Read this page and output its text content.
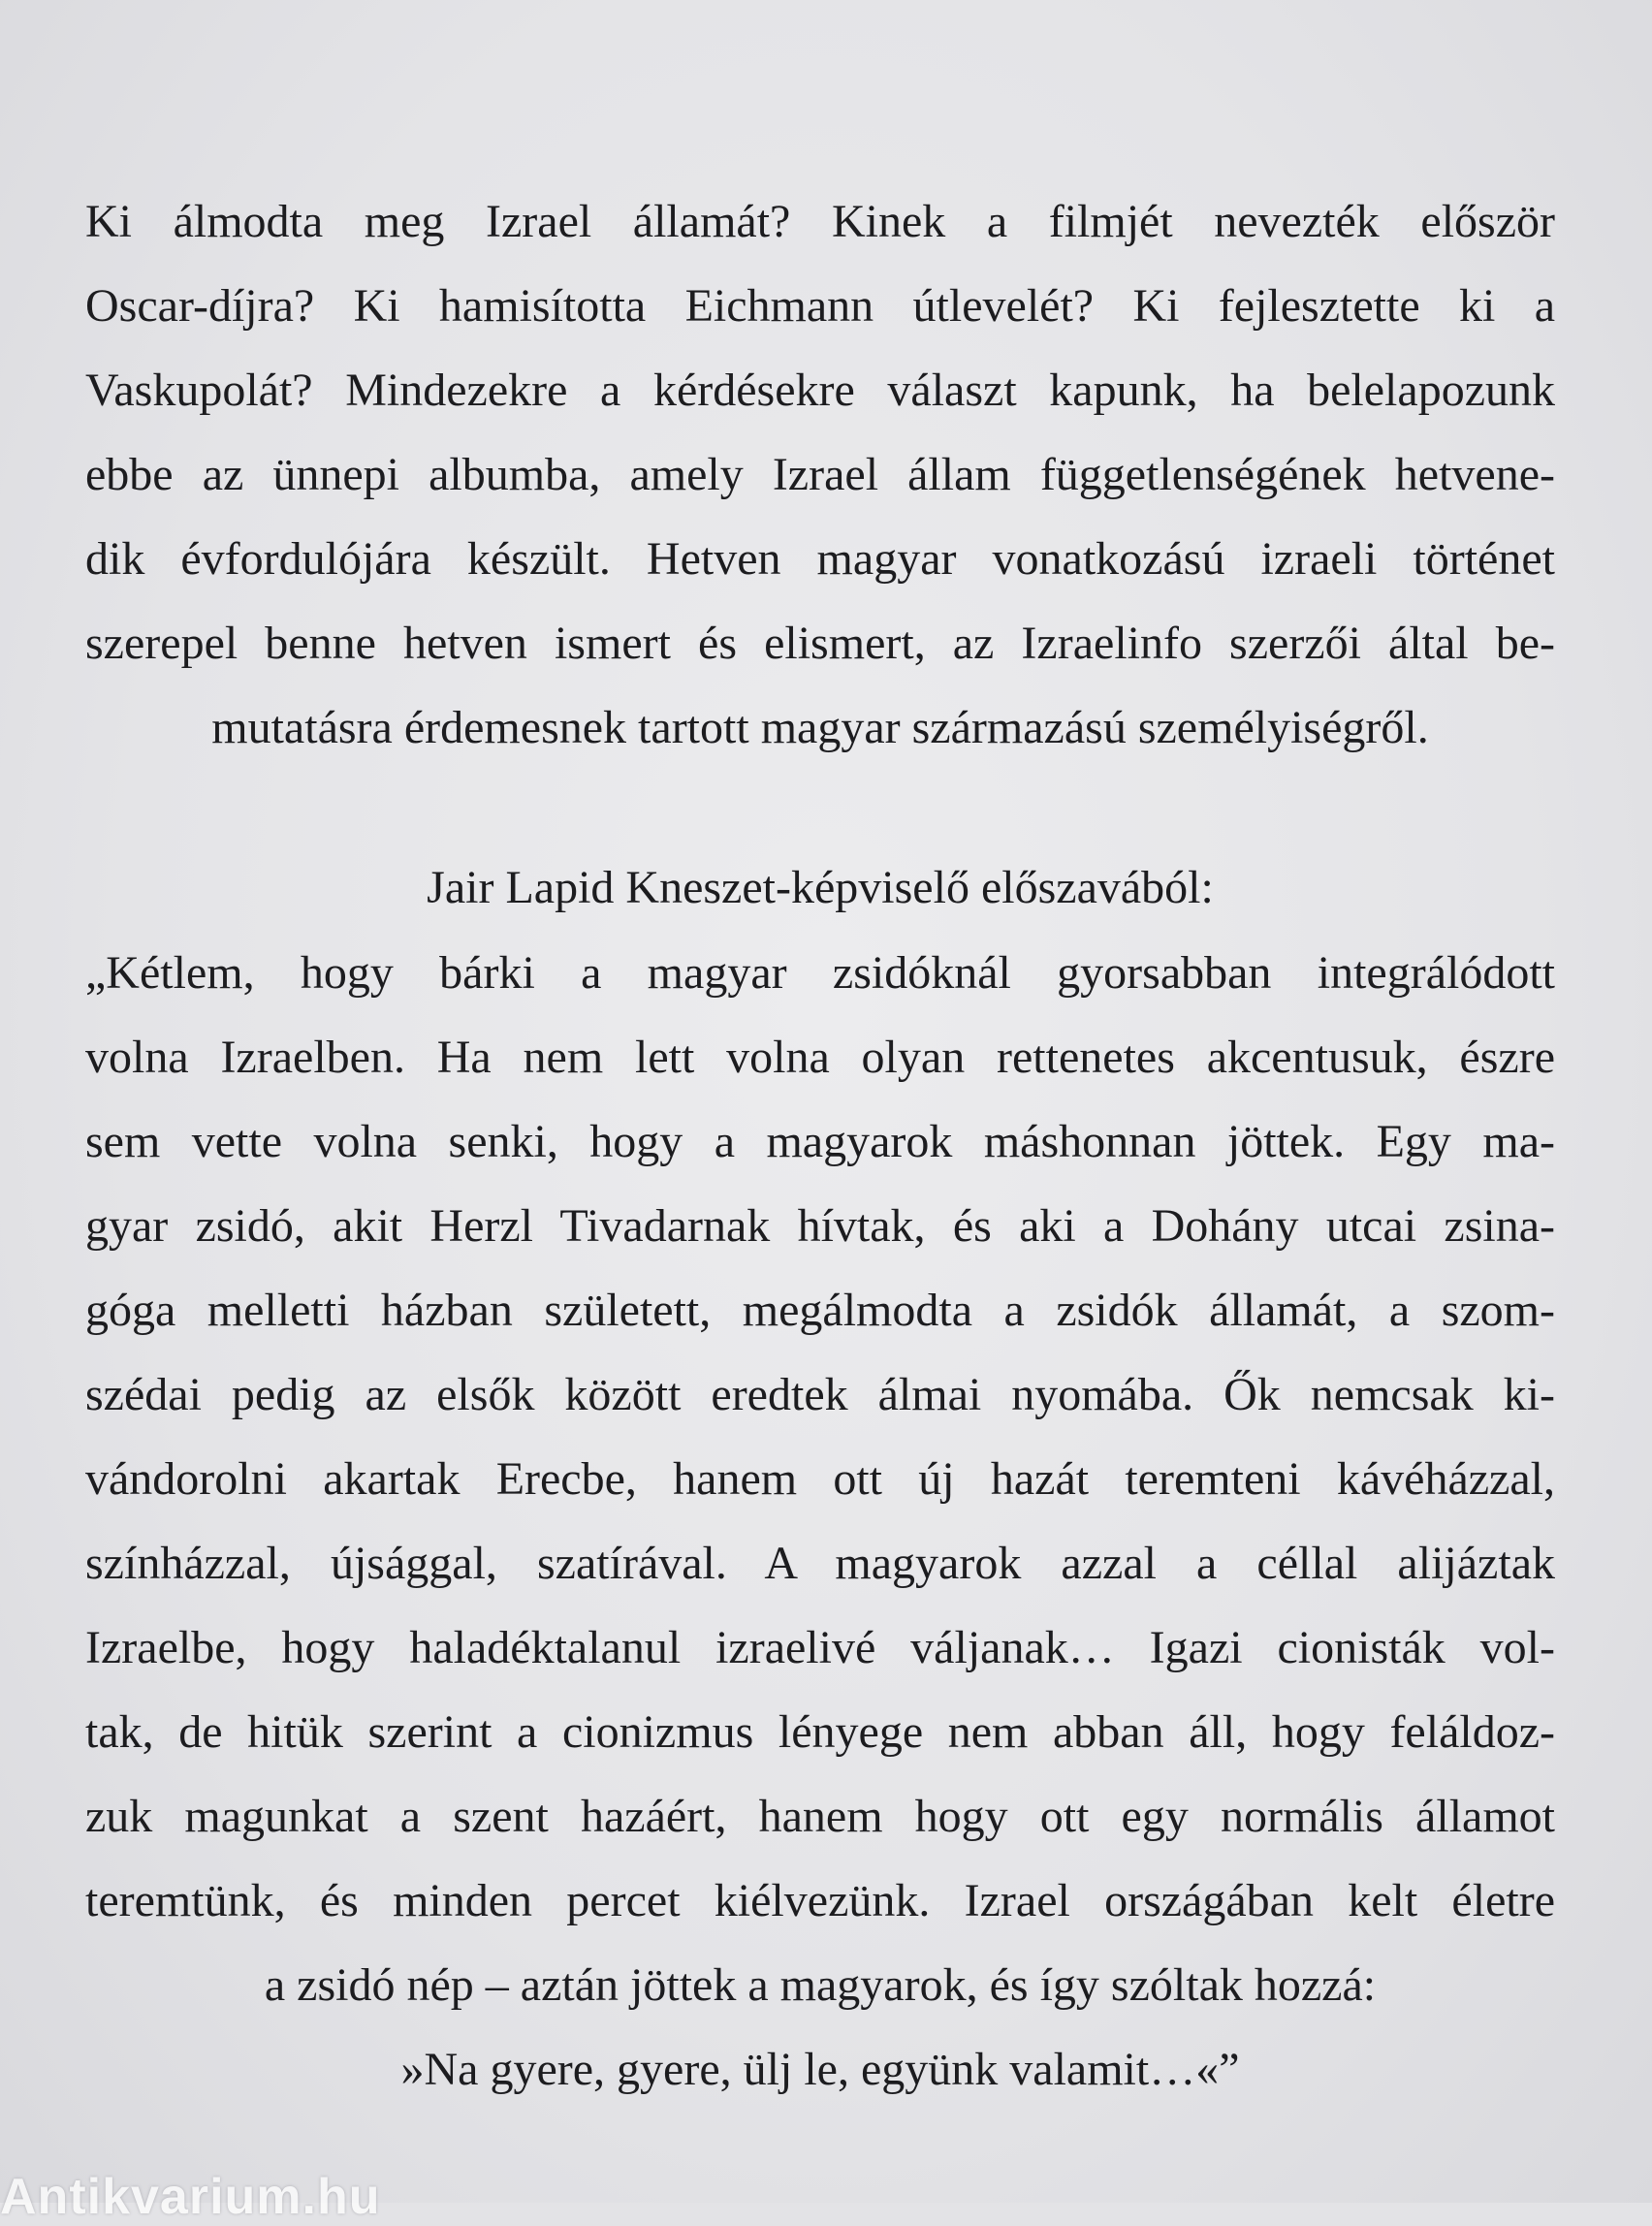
Ki álmodta meg Izrael államát? Kinek a filmjét nevezték először
Oscar-díjra? Ki hamisította Eichmann útlevelét? Ki fejlesztette ki a
Vaskupolát? Mindezekre a kérdésekre választ kapunk, ha belelapozunk
ebbe az ünnepi albumba, amely Izrael állam függetlenségének hetvene-
dik évfordulójára készült. Hetven magyar vonatkozású izraeli történet
szerepel benne hetven ismert és elismert, az Izraelinfo szerzői által be-
mutatásra érdemesnek tartott magyar származású személyiségről.
Jair Lapid Kneszet-képviselő előszavából:
„Kétlem, hogy bárki a magyar zsidóknál gyorsabban integrálódott
volna Izraelben. Ha nem lett volna olyan rettenetes akcentusuk, észre
sem vette volna senki, hogy a magyarok máshonnan jöttek. Egy ma-
gyar zsidó, akit Herzl Tivadarnak hívtak, és aki a Dohány utcai zsina-
góga melletti házban született, megálmodta a zsidók államát, a szom-
szédai pedig az elsők között eredtek álmai nyomába. Ők nemcsak ki-
vándorolni akartak Erecbe, hanem ott új hazát teremteni kávéházzal,
színházzal, újsággal, szatírával. A magyarok azzal a céllal alijáztak
Izraelbe, hogy haladéktalanul izraelivé váljanak… Igazi cionisták vol-
tak, de hitük szerint a cionizmus lényege nem abban áll, hogy feláldoz-
zuk magunkat a szent hazáért, hanem hogy ott egy normális államot
teremtünk, és minden percet kiélvezünk. Izrael országában kelt életre
a zsidó nép – aztán jöttek a magyarok, és így szóltak hozzá:
»Na gyere, gyere, ülj le, együnk valamit…«”
Antikvarium.hu
